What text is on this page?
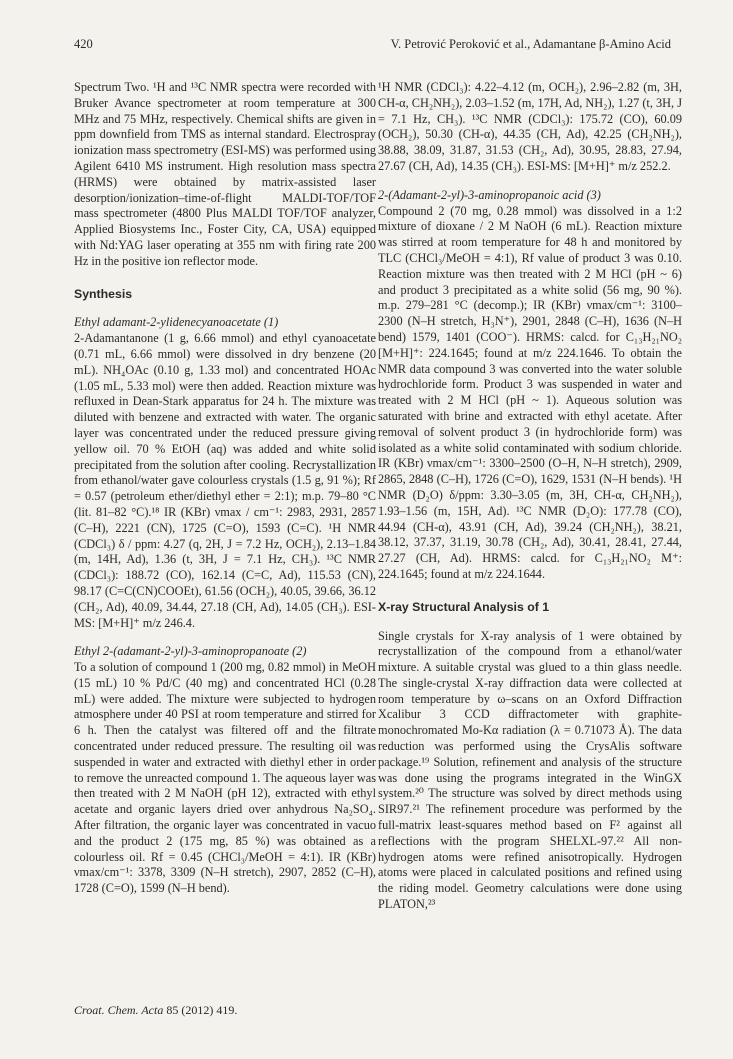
420	V. Petrović Peroković et al., Adamantane β-Amino Acid

Spectrum Two. ¹H and ¹³C NMR spectra were recorded with Bruker Avance spectrometer at room temperature at 300 MHz and 75 MHz, respectively. Chemical shifts are given in ppm downfield from TMS as internal standard. Electrospray ionization mass spectrometry (ESI-MS) was performed using Agilent 6410 MS instrument. High resolution mass spectra (HRMS) were obtained by matrix-assisted laser desorption/ionization–time-of-flight MALDI-TOF/TOF mass spectrometer (4800 Plus MALDI TOF/TOF analyzer, Applied Biosystems Inc., Foster City, CA, USA) equipped with Nd:YAG laser operating at 355 nm with firing rate 200 Hz in the positive ion reflector mode.

Synthesis

Ethyl adamant-2-ylidenecyanoacetate (1)

2-Adamantanone (1 g, 6.66 mmol) and ethyl cyanoacetate (0.71 mL, 6.66 mmol) were dissolved in dry benzene (20 mL). NH₄OAc (0.10 g, 1.33 mol) and concentrated HOAc (1.05 mL, 5.33 mol) were then added. Reaction mixture was refluxed in Dean-Stark apparatus for 24 h. The mixture was diluted with benzene and extracted with water. The organic layer was concentrated under the reduced pressure giving yellow oil. 70 % EtOH (aq) was added and white solid precipitated from the solution after cooling. Recrystallization from ethanol/water gave colourless crystals (1.5 g, 91 %); Rf = 0.57 (petroleum ether/diethyl ether = 2:1); m.p. 79–80 °C (lit. 81–82 °C).¹⁸ IR (KBr) νmax / cm⁻¹: 2983, 2931, 2857 (C–H), 2221 (CN), 1725 (C=O), 1593 (C=C). ¹H NMR (CDCl₃) δ / ppm: 4.27 (q, 2H, J = 7.2 Hz, OCH₂), 2.13–1.84 (m, 14H, Ad), 1.36 (t, 3H, J = 7.1 Hz, CH₃). ¹³C NMR (CDCl₃): 188.72 (CO), 162.14 (C=C, Ad), 115.53 (CN), 98.17 (C=C(CN)COOEt), 61.56 (OCH₂), 40.05, 39.66, 36.12 (CH₂, Ad), 40.09, 34.44, 27.18 (CH, Ad), 14.05 (CH₃). ESI-MS: [M+H]⁺ m/z 246.4.

Ethyl 2-(adamant-2-yl)-3-aminopropanoate (2)

To a solution of compound 1 (200 mg, 0.82 mmol) in MeOH (15 mL) 10 % Pd/C (40 mg) and concentrated HCl (0.28 mL) were added. The mixture were subjected to hydrogen atmosphere under 40 PSI at room temperature and stirred for 6 h. Then the catalyst was filtered off and the filtrate concentrated under reduced pressure. The resulting oil was suspended in water and extracted with diethyl ether in order to remove the unreacted compound 1. The aqueous layer was then treated with 2 M NaOH (pH 12), extracted with ethyl acetate and organic layers dried over anhydrous Na₂SO₄. After filtration, the organic layer was concentrated in vacuo and the product 2 (175 mg, 85 %) was obtained as a colourless oil. Rf = 0.45 (CHCl₃/MeOH = 4:1). IR (KBr) νmax/cm⁻¹: 3378, 3309 (N–H stretch), 2907, 2852 (C–H), 1728 (C=O), 1599 (N–H bend).

¹H NMR (CDCl₃): 4.22–4.12 (m, OCH₂), 2.96–2.82 (m, 3H, CH-α, CH₂NH₂), 2.03–1.52 (m, 17H, Ad, NH₂), 1.27 (t, 3H, J = 7.1 Hz, CH₃). ¹³C NMR (CDCl₃): 175.72 (CO), 60.09 (OCH₂), 50.30 (CH-α), 44.35 (CH, Ad), 42.25 (CH₂NH₂), 38.88, 38.09, 31.87, 31.53 (CH₂, Ad), 30.95, 28.83, 27.94, 27.67 (CH, Ad), 14.35 (CH₃). ESI-MS: [M+H]⁺ m/z 252.2.

2-(Adamant-2-yl)-3-aminopropanoic acid (3)

Compound 2 (70 mg, 0.28 mmol) was dissolved in a 1:2 mixture of dioxane / 2 M NaOH (6 mL). Reaction mixture was stirred at room temperature for 48 h and monitored by TLC (CHCl₃/MeOH = 4:1), Rf value of product 3 was 0.10. Reaction mixture was then treated with 2 M HCl (pH ~ 6) and product 3 precipitated as a white solid (56 mg, 90 %). m.p. 279–281 °C (decomp.); IR (KBr) νmax/cm⁻¹: 3100–2300 (N–H stretch, H₃N⁺), 2901, 2848 (C–H), 1636 (N–H bend) 1579, 1401 (COO⁻). HRMS: calcd. for C₁₃H₂₁NO₂ [M+H]⁺: 224.1645; found at m/z 224.1646. To obtain the NMR data compound 3 was converted into the water soluble hydrochloride form. Product 3 was suspended in water and treated with 2 M HCl (pH ~ 1). Aqueous solution was saturated with brine and extracted with ethyl acetate. After removal of solvent product 3 (in hydrochloride form) was isolated as a white solid contaminated with sodium chloride. IR (KBr) νmax/cm⁻¹: 3300–2500 (O–H, N–H stretch), 2909, 2865, 2848 (C–H), 1726 (C=O), 1629, 1531 (N–H bends). ¹H NMR (D₂O) δ/ppm: 3.30–3.05 (m, 3H, CH-α, CH₂NH₂), 1.93–1.56 (m, 15H, Ad). ¹³C NMR (D₂O): 177.78 (CO), 44.94 (CH-α), 43.91 (CH, Ad), 39.24 (CH₂NH₂), 38.21, 38.12, 37.37, 31.19, 30.78 (CH₂, Ad), 30.41, 28.41, 27.44, 27.27 (CH, Ad). HRMS: calcd. for C₁₃H₂₁NO₂ M⁺: 224.1645; found at m/z 224.1644.

X-ray Structural Analysis of 1

Single crystals for X-ray analysis of 1 were obtained by recrystallization of the compound from a ethanol/water mixture. A suitable crystal was glued to a thin glass needle. The single-crystal X-ray diffraction data were collected at room temperature by ω–scans on an Oxford Diffraction Xcalibur 3 CCD diffractometer with graphite-monochromated Mo-Kα radiation (λ = 0.71073 Å). The data reduction was performed using the CrysAlis software package.¹⁹ Solution, refinement and analysis of the structure was done using the programs integrated in the WinGX system.²⁰ The structure was solved by direct methods using SIR97.²¹ The refinement procedure was performed by the full-matrix least-squares method based on F² against all reflections with the program SHELXL-97.²² All non-hydrogen atoms were refined anisotropically. Hydrogen atoms were placed in calculated positions and refined using the riding model. Geometry calculations were done using PLATON,²³

Croat. Chem. Acta 85 (2012) 419.
